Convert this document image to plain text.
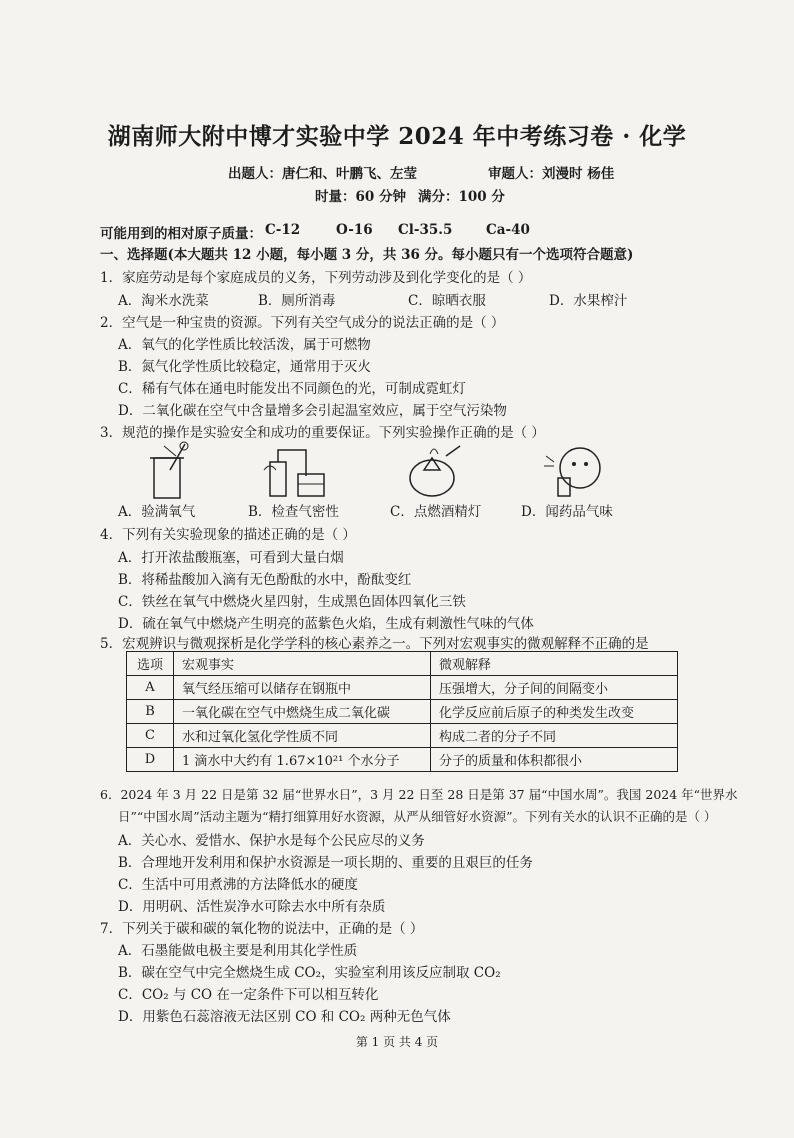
湖南师大附中博才实验中学 2024 年中考练习卷 · 化学
出题人：唐仁和、叶鹏飞、左莹	审题人：刘漫时 杨佳
时量：60 分钟 满分：100 分
可能用到的相对原子质量： C-12	O-16 Cl-35.5 Ca-40
一、选择题(本大题共 12 小题，每小题 3 分，共 36 分。每小题只有一个选项符合题意)
1．家庭劳动是每个家庭成员的义务，下列劳动涉及到化学变化的是（ ）
A．淘米水洗菜	B．厕所消毒	C．晾晒衣服	D．水果榨汁
2．空气是一种宝贵的资源。下列有关空气成分的说法正确的是（ ）
A．氧气的化学性质比较活泼，属于可燃物
B．氮气化学性质比较稳定，通常用于灭火
C．稀有气体在通电时能发出不同颜色的光，可制成霓虹灯
D．二氧化碳在空气中含量增多会引起温室效应，属于空气污染物
3．规范的操作是实验安全和成功的重要保证。下列实验操作正确的是（ ）
A．验满氧气	B．检查气密性	C．点燃酒精灯	D．闻药品气味
4．下列有关实验现象的描述正确的是（ ）
A．打开浓盐酸瓶塞，可看到大量白烟
B．将稀盐酸加入滴有无色酚酞的水中，酚酞变红
C．铁丝在氧气中燃烧火星四射，生成黑色固体四氧化三铁
D．硫在氧气中燃烧产生明亮的蓝紫色火焰，生成有刺激性气味的气体
5．宏观辨识与微观探析是化学学科的核心素养之一。下列对宏观事实的微观解释不正确的是
选项	宏观事实	微观解释
A	氧气经压缩可以储存在钢瓶中	压强增大，分子间的间隔变小
B	一氧化碳在空气中燃烧生成二氧化碳	化学反应前后原子的种类发生改变
C	水和过氧化氢化学性质不同	构成二者的分子不同
D	1 滴水中大约有 1.67×10²¹ 个水分子	分子的质量和体积都很小
6．2024 年 3 月 22 日是第 32 届“世界水日”，3 月 22 日至 28 日是第 37 届“中国水周”。我国 2024 年“世界水
日”“中国水周”活动主题为“精打细算用好水资源，从严从细管好水资源”。下列有关水的认识不正确的是（ ）
A．关心水、爱惜水、保护水是每个公民应尽的义务
B．合理地开发利用和保护水资源是一项长期的、重要的且艰巨的任务
C．生活中可用煮沸的方法降低水的硬度
D．用明矾、活性炭净水可除去水中所有杂质
7．下列关于碳和碳的氧化物的说法中，正确的是（ ）
A．石墨能做电极主要是利用其化学性质
B．碳在空气中完全燃烧生成 CO₂，实验室利用该反应制取 CO₂
C．CO₂ 与 CO 在一定条件下可以相互转化
D．用紫色石蕊溶液无法区别 CO 和 CO₂ 两种无色气体
第 1 页 共 4 页
